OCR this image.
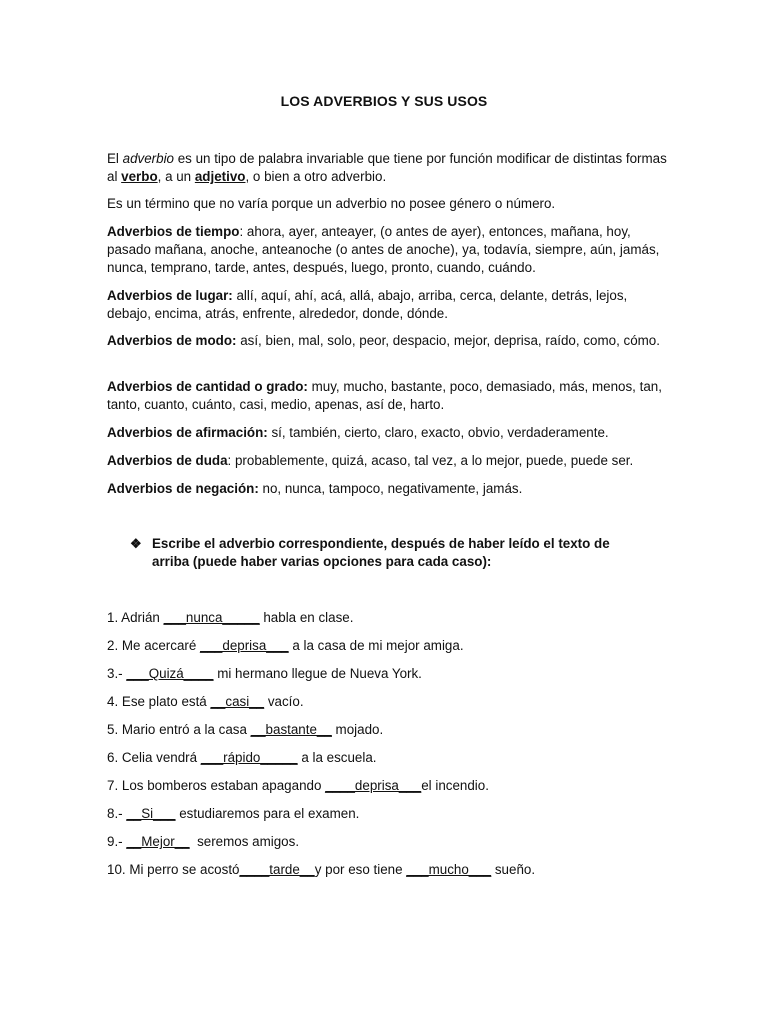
LOS ADVERBIOS Y SUS USOS
El adverbio es un tipo de palabra invariable que tiene por función modificar de distintas formas al verbo, a un adjetivo, o bien a otro adverbio.
Es un término que no varía porque un adverbio no posee género o número.
Adverbios de tiempo: ahora, ayer, anteayer, (o antes de ayer), entonces, mañana, hoy, pasado mañana, anoche, anteanoche (o antes de anoche), ya, todavía, siempre, aún, jamás, nunca, temprano, tarde, antes, después, luego, pronto, cuando, cuándo.
Adverbios de lugar: allí, aquí, ahí, acá, allá, abajo, arriba, cerca, delante, detrás, lejos, debajo, encima, atrás, enfrente, alrededor, donde, dónde.
Adverbios de modo: así, bien, mal, solo, peor, despacio, mejor, deprisa, raído, como, cómo.
Adverbios de cantidad o grado: muy, mucho, bastante, poco, demasiado, más, menos, tan, tanto, cuanto, cuánto, casi, medio, apenas, así de, harto.
Adverbios de afirmación: sí, también, cierto, claro, exacto, obvio, verdaderamente.
Adverbios de duda: probablemente, quizá, acaso, tal vez, a lo mejor, puede, puede ser.
Adverbios de negación: no, nunca, tampoco, negativamente, jamás.
❖ Escribe el adverbio correspondiente, después de haber leído el texto de arriba (puede haber varias opciones para cada caso):
1. Adrián ___nunca_____ habla en clase.
2. Me acercaré ___deprisa___ a la casa de mi mejor amiga.
3.- ___Quizá____ mi hermano llegue de Nueva York.
4. Ese plato está __casi__ vacío.
5. Mario entró a la casa __bastante__ mojado.
6. Celia vendrá ___rápido_____ a la escuela.
7. Los bomberos estaban apagando ____deprisa___el incendio.
8.- __Si___ estudiaremos para el examen.
9.- __Mejor__  seremos amigos.
10. Mi perro se acostó____tarde__y por eso tiene ___mucho___ sueño.
